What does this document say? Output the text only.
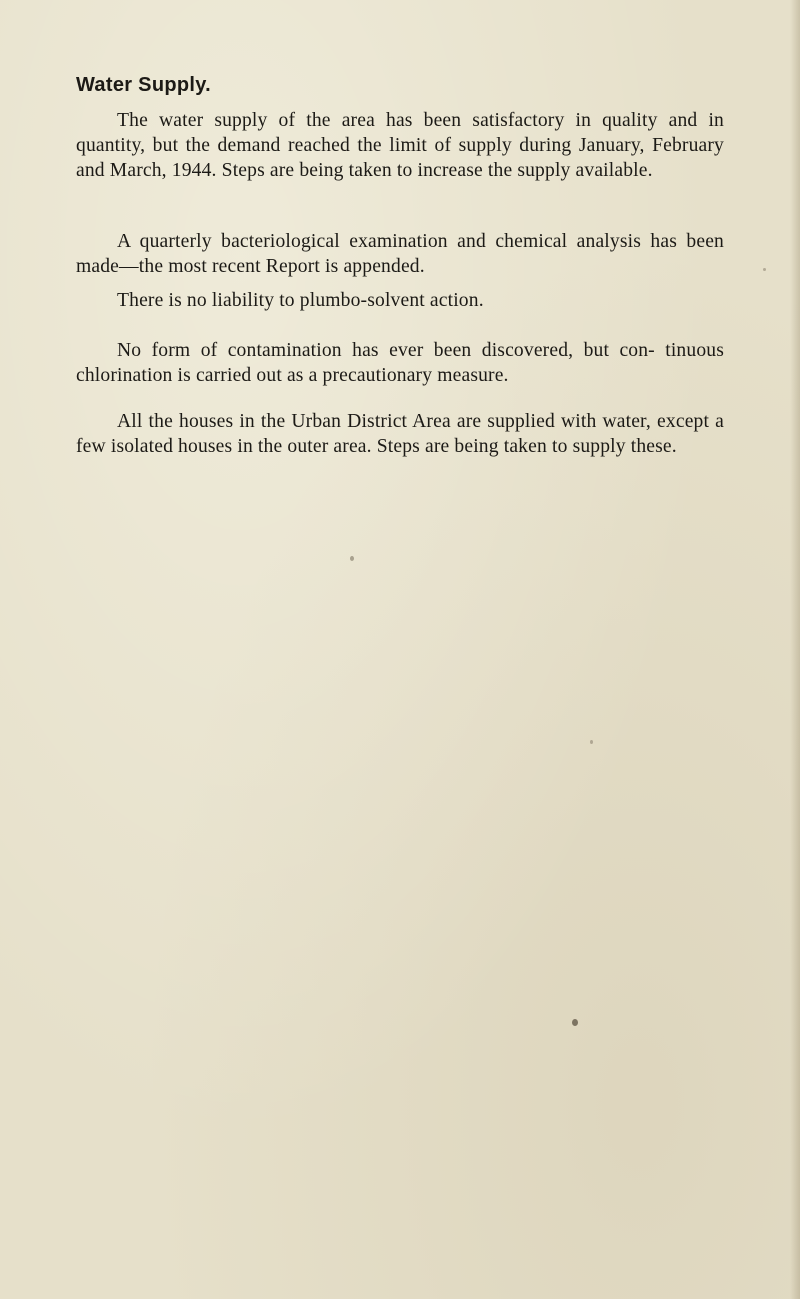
Water Supply.

The water supply of the area has been satisfactory in quality and in quantity, but the demand reached the limit of supply during January, February and March, 1944. Steps are being taken to increase the supply available.

A quarterly bacteriological examination and chemical analysis has been made—the most recent Report is appended.

There is no liability to plumbo-solvent action.

No form of contamination has ever been discovered, but con- tinuous chlorination is carried out as a precautionary measure.

All the houses in the Urban District Area are supplied with water, except a few isolated houses in the outer area. Steps are being taken to supply these.
